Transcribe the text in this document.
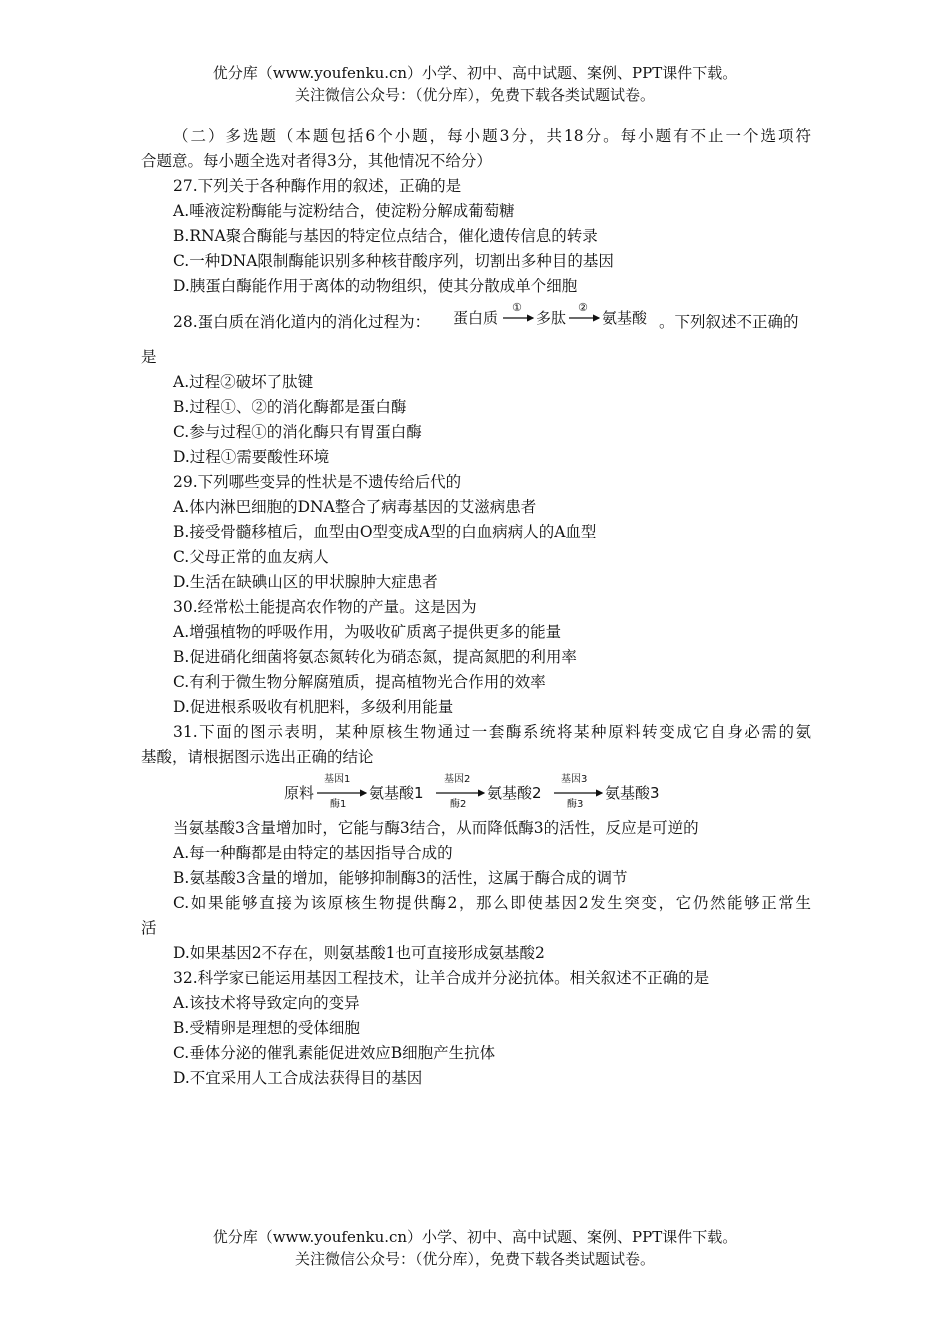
优分库（www.youfenku.cn）小学、初中、高中试题、案例、PPT课件下载。
关注微信公众号：（优分库），免费下载各类试题试卷。
（二）多选题（本题包括6个小题，每小题3分，共18分。每小题有不止一个选项符
合题意。每小题全选对者得3分，其他情况不给分）
27.下列关于各种酶作用的叙述，正确的是
A.唾液淀粉酶能与淀粉结合，使淀粉分解成葡萄糖
B.RNA聚合酶能与基因的特定位点结合，催化遗传信息的转录
C.一种DNA限制酶能识别多种核苷酸序列，切割出多种目的基因
D.胰蛋白酶能作用于离体的动物组织，使其分散成单个细胞
28.蛋白质在消化道内的消化过程为： 蛋白质
①
多肽
②
氨基酸 。下列叙述不正确的
是
A.过程②破坏了肽键
B.过程①、②的消化酶都是蛋白酶
C.参与过程①的消化酶只有胃蛋白酶
D.过程①需要酸性环境
29.下列哪些变异的性状是不遗传给后代的
A.体内淋巴细胞的DNA整合了病毒基因的艾滋病患者
B.接受骨髓移植后，血型由O型变成A型的白血病病人的A血型
C.父母正常的血友病人
D.生活在缺碘山区的甲状腺肿大症患者
30.经常松土能提高农作物的产量。这是因为
A.增强植物的呼吸作用，为吸收矿质离子提供更多的能量
B.促进硝化细菌将氨态氮转化为硝态氮，提高氮肥的利用率
C.有利于微生物分解腐殖质，提高植物光合作用的效率
D.促进根系吸收有机肥料，多级利用能量
31.下面的图示表明，某种原核生物通过一套酶系统将某种原料转变成它自身必需的氨
基酸，请根据图示选出正确的结论
原料
基因1
酶1
氨基酸1
基因2
酶2
氨基酸2
基因3
酶3
氨基酸3
当氨基酸3含量增加时，它能与酶3结合，从而降低酶3的活性，反应是可逆的
A.每一种酶都是由特定的基因指导合成的
B.氨基酸3含量的增加，能够抑制酶3的活性，这属于酶合成的调节
C.如果能够直接为该原核生物提供酶2，那么即使基因2发生突变，它仍然能够正常生
活
D.如果基因2不存在，则氨基酸1也可直接形成氨基酸2
32.科学家已能运用基因工程技术，让羊合成并分泌抗体。相关叙述不正确的是
A.该技术将导致定向的变异
B.受精卵是理想的受体细胞
C.垂体分泌的催乳素能促进效应B细胞产生抗体
D.不宜采用人工合成法获得目的基因
优分库（www.youfenku.cn）小学、初中、高中试题、案例、PPT课件下载。
关注微信公众号：（优分库），免费下载各类试题试卷。
